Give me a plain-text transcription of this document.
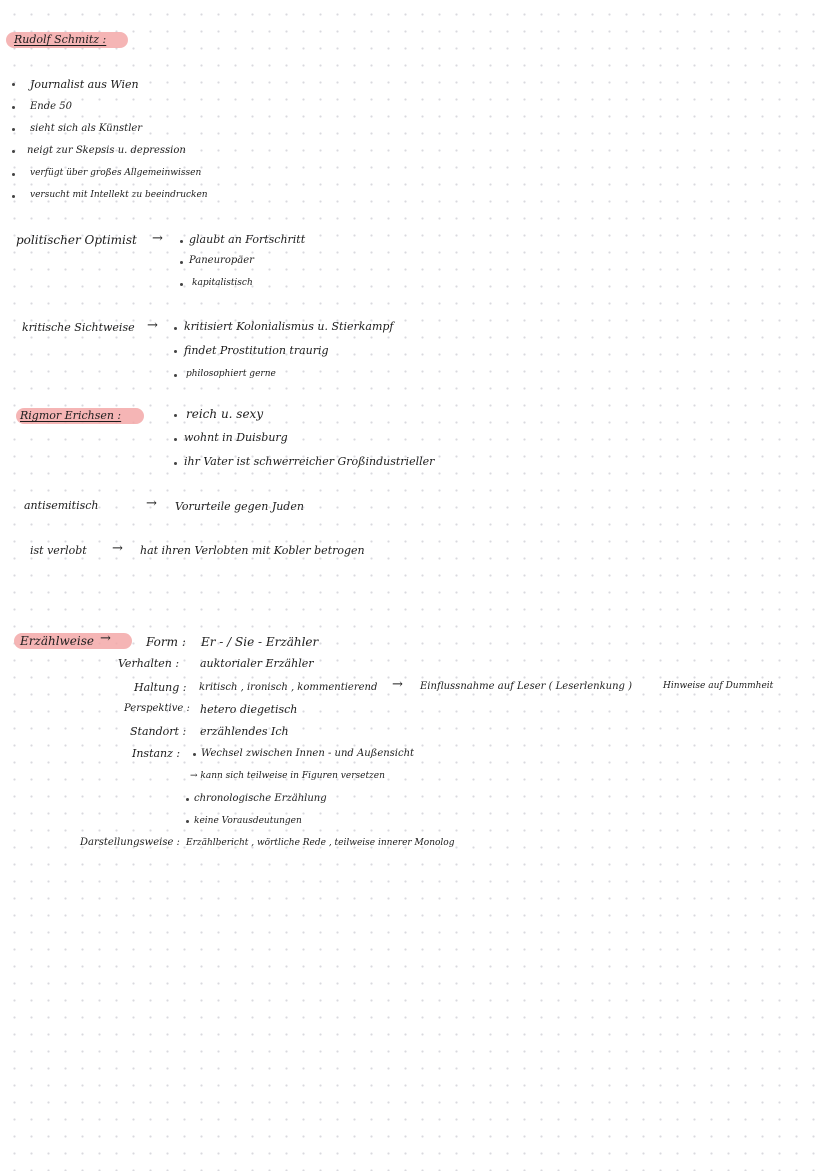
Rudolf Schmitz :
Journalist aus Wien
Ende 50
sieht sich als Künstler
neigt zur Skepsis u. depression
verfügt über großes Allgemeinwissen
versucht mit Intellekt zu beeindrucken
politischer Optimist → glaubt an Fortschritt
Paneuropäer
kapitalistisch
kritische Sichtweise → kritisiert Kolonialismus u. Stierkampf
findet Prostitution traurig
philosophiert gerne
Rigmor Erichsen :	reich u. sexy
wohnt in Duisburg
ihr Vater ist schwerreicher Großindustrieller
antisemitisch	→ Vorurteile gegen Juden
ist verlobt → hat ihren Verlobten mit Kobler betrogen
Erzählweise →	Form : Er - / Sie - Erzähler
Verhalten : auktorialer Erzähler
Haltung : kritisch , ironisch , kommentierend → Einflussnahme auf Leser ( Leserlenkung )	Hinweise auf Dummheit
Perspektive : hetero diegetisch
Standort : erzählendes Ich
Instanz : Wechsel zwischen Innen - und Außensicht
→ kann sich teilweise in Figuren versetzen
chronologische Erzählung
keine Vorausdeutungen
Darstellungsweise : Erzählbericht , wörtliche Rede , teilweise innerer Monolog
